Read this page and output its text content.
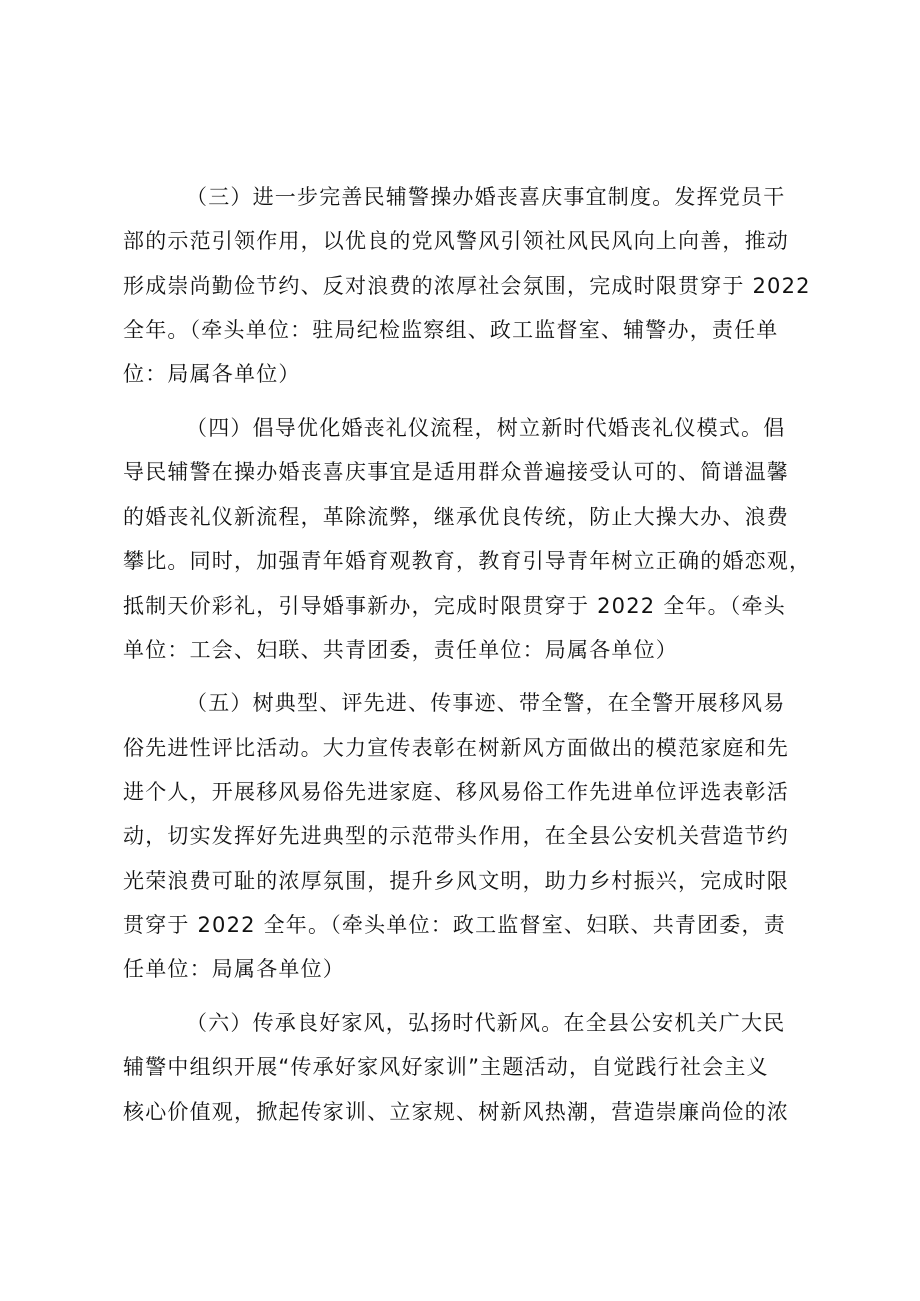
（三）进一步完善民辅警操办婚丧喜庆事宜制度。发挥党员干
部的示范引领作用，以优良的党风警风引领社风民风向上向善，推动
形成崇尚勤俭节约、反对浪费的浓厚社会氛围，完成时限贯穿于 2022
全年。（牵头单位：驻局纪检监察组、政工监督室、辅警办，责任单
位：局属各单位）
（四）倡导优化婚丧礼仪流程，树立新时代婚丧礼仪模式。倡
导民辅警在操办婚丧喜庆事宜是适用群众普遍接受认可的、简谱温馨
的婚丧礼仪新流程，革除流弊，继承优良传统，防止大操大办、浪费
攀比。同时，加强青年婚育观教育，教育引导青年树立正确的婚恋观，
抵制天价彩礼，引导婚事新办，完成时限贯穿于 2022 全年。（牵头
单位：工会、妇联、共青团委，责任单位：局属各单位）
（五）树典型、评先进、传事迹、带全警，在全警开展移风易
俗先进性评比活动。大力宣传表彰在树新风方面做出的模范家庭和先
进个人，开展移风易俗先进家庭、移风易俗工作先进单位评选表彰活
动，切实发挥好先进典型的示范带头作用，在全县公安机关营造节约
光荣浪费可耻的浓厚氛围，提升乡风文明，助力乡村振兴，完成时限
贯穿于 2022 全年。（牵头单位：政工监督室、妇联、共青团委，责
任单位：局属各单位）
（六）传承良好家风，弘扬时代新风。在全县公安机关广大民
辅警中组织开展“传承好家风好家训”主题活动，自觉践行社会主义
核心价值观，掀起传家训、立家规、树新风热潮，营造崇廉尚俭的浓
